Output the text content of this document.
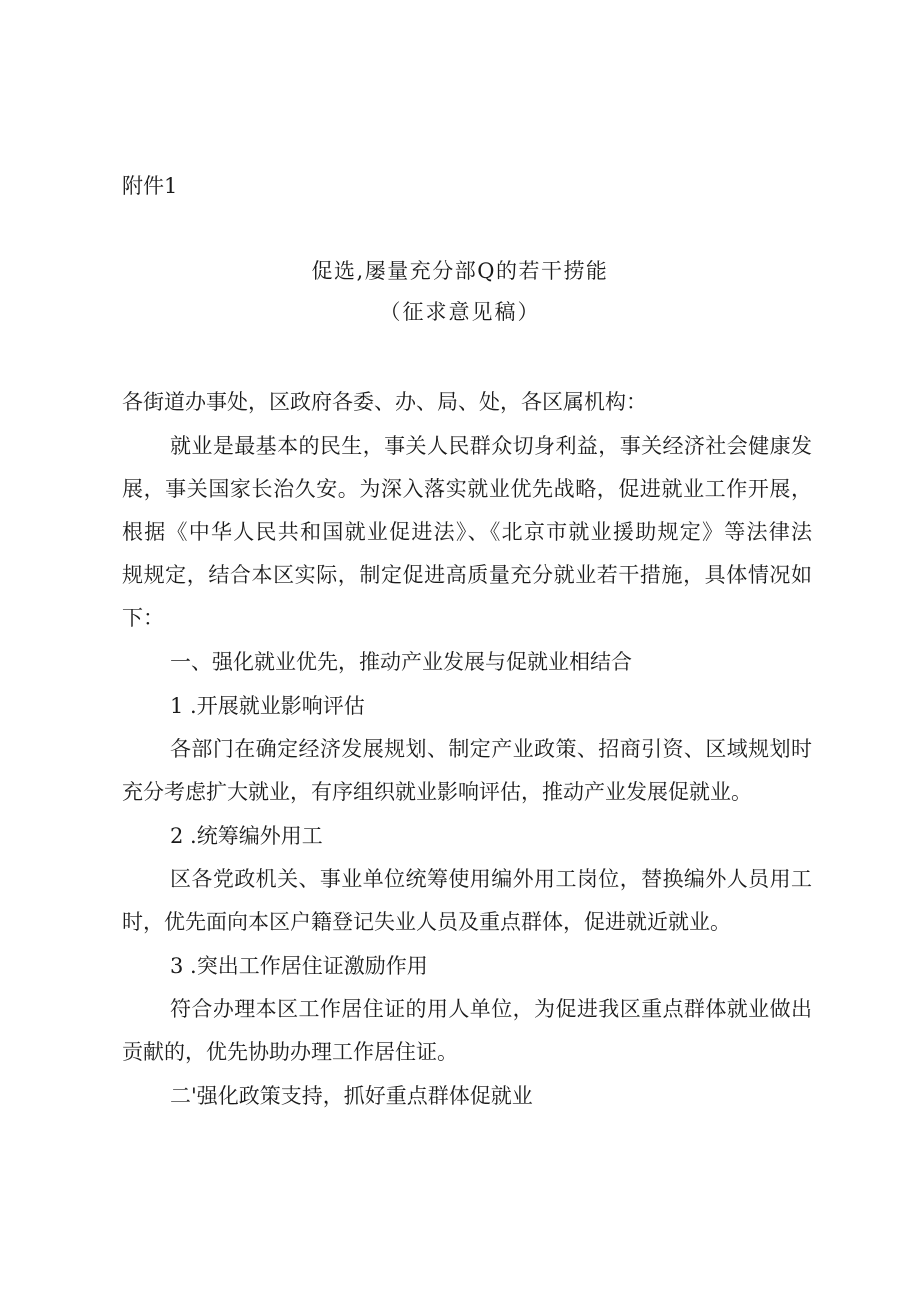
附件1
促选,屡量充分部Q的若干捞能
（征求意见稿）
各街道办事处，区政府各委、办、局、处，各区属机构：
就业是最基本的民生，事关人民群众切身利益，事关经济社会健康发
展，事关国家长治久安。为深入落实就业优先战略，促进就业工作开展，
根据《中华人民共和国就业促进法》、《北京市就业援助规定》等法律法
规规定，结合本区实际，制定促进高质量充分就业若干措施，具体情况如
下：
一、强化就业优先，推动产业发展与促就业相结合
1 .开展就业影响评估
各部门在确定经济发展规划、制定产业政策、招商引资、区域规划时
充分考虑扩大就业，有序组织就业影响评估，推动产业发展促就业。
2 .统筹编外用工
区各党政机关、事业单位统筹使用编外用工岗位，替换编外人员用工
时，优先面向本区户籍登记失业人员及重点群体，促进就近就业。
3 .突出工作居住证激励作用
符合办理本区工作居住证的用人单位，为促进我区重点群体就业做出
贡献的，优先协助办理工作居住证。
二'强化政策支持，抓好重点群体促就业
